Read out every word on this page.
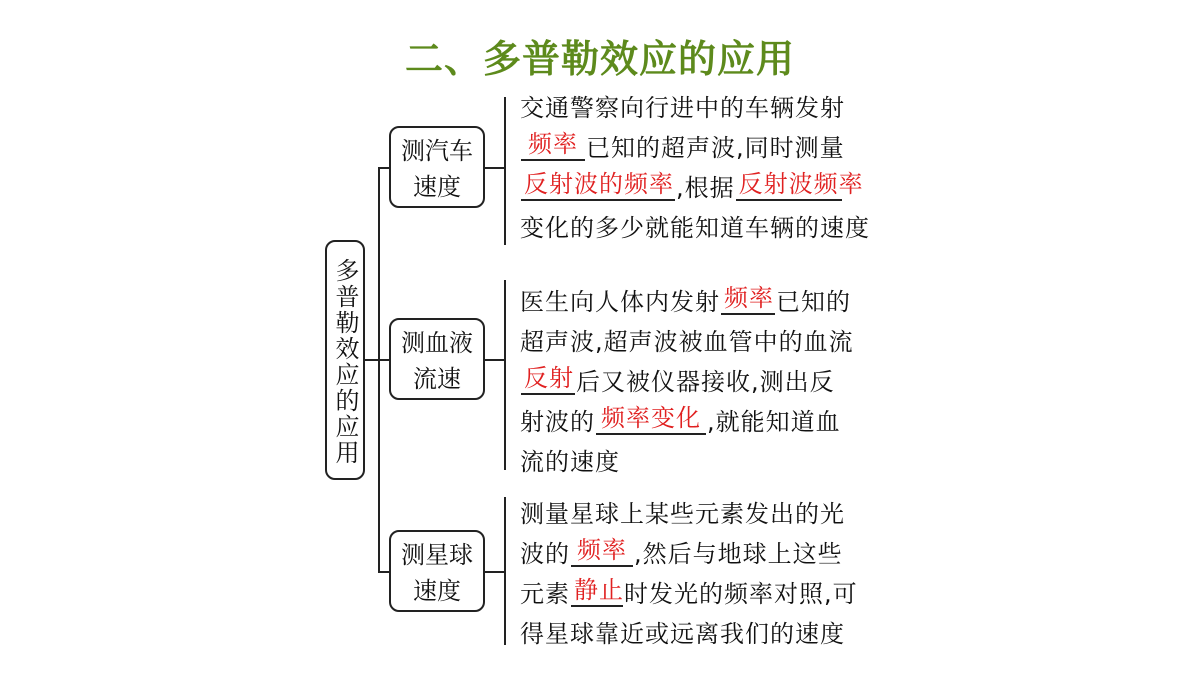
二、多普勒效应的应用
多普勒效应的应用
测汽车
速度
交通警察向行进中的车辆发射
频率 已知的超声波,同时测量
反射波的频率,根据 反射波频率
变化的多少就能知道车辆的速度
测血液
流速
医生向人体内发射 频率已知的
超声波,超声波被血管中的血流
反射后又被仪器接收,测出反
射波的 频率变化 ,就能知道血
流的速度
测星球
速度
测量星球上某些元素发出的光
波的 频率 ,然后与地球上这些
元素 静止时发光的频率对照,可
得星球靠近或远离我们的速度
